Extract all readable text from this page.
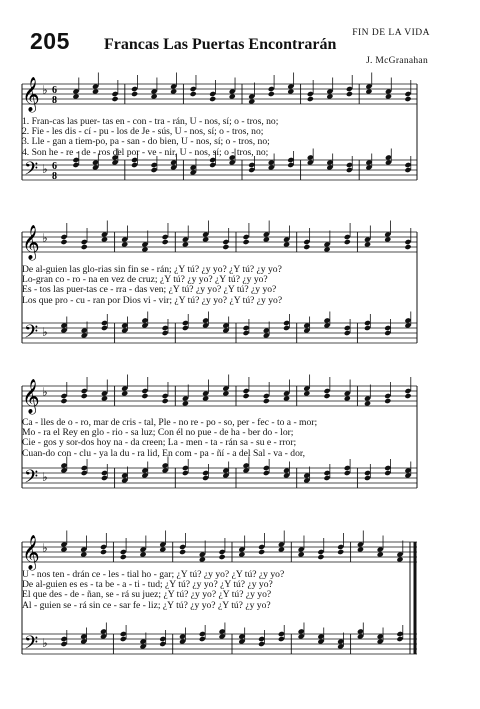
205 Francas Las Puertas Encontrarán
FIN DE LA VIDA
J. McGranahan
𝄞
𝄢
♭
♭
6
8
6
8
1. Fran-cas las puer- tas en - con - tra - rán, U - nos, sí; o - tros, no;
2. Fie - les dis - cí - pu - los de Je - sús, U - nos, sí; o - tros, no;
3. Lle - gan a tiem-po, pa - san - do bien, U - nos, sí; o - tros, no;
4. Son he - re - de - ros del por - ve - nir, U - nos, sí; o - tros, no;
𝄞
𝄢
♭
♭
De al-guien las glo-rias sin fin se - rán; ¿Y tú? ¿y yo? ¿Y tú? ¿y yo?
Lo-gran co - ro - na en vez de cruz; ¿Y tú? ¿y yo? ¿Y tú? ¿y yo?
Es - tos las puer-tas ce - rra - das ven; ¿Y tú? ¿y yo? ¿Y tú? ¿y yo?
Los que pro - cu - ran por Dios vi - vir; ¿Y tú? ¿y yo? ¿Y tú? ¿y yo?
𝄞
𝄢
♭
♭
Ca - lles de o - ro, mar de cris - tal, Ple - no re - po - so, per - fec - to a - mor;
Mo - ra el Rey en glo - rio - sa luz; Con él no pue - de ha - ber do - lor;
Cie - gos y sor-dos hoy na - da creen; La - men - ta - rán sa - su e - rror;
Cuan-do con - clu - ya la du - ra lid, En com - pa - ñí - a del Sal - va - dor,
𝄞
𝄢
♭
♭
U - nos ten - drán ce - les - tial ho - gar; ¿Y tú? ¿y yo? ¿Y tú? ¿y yo?
De al-guien es es - ta be - a - ti - tud; ¿Y tú? ¿y yo? ¿Y tú? ¿y yo?
El que des - de - ñan, se - rá su juez; ¿Y tú? ¿y yo? ¿Y tú? ¿y yo?
Al - guien se - rá sin ce - sar fe - liz; ¿Y tú? ¿y yo? ¿Y tú? ¿y yo?
